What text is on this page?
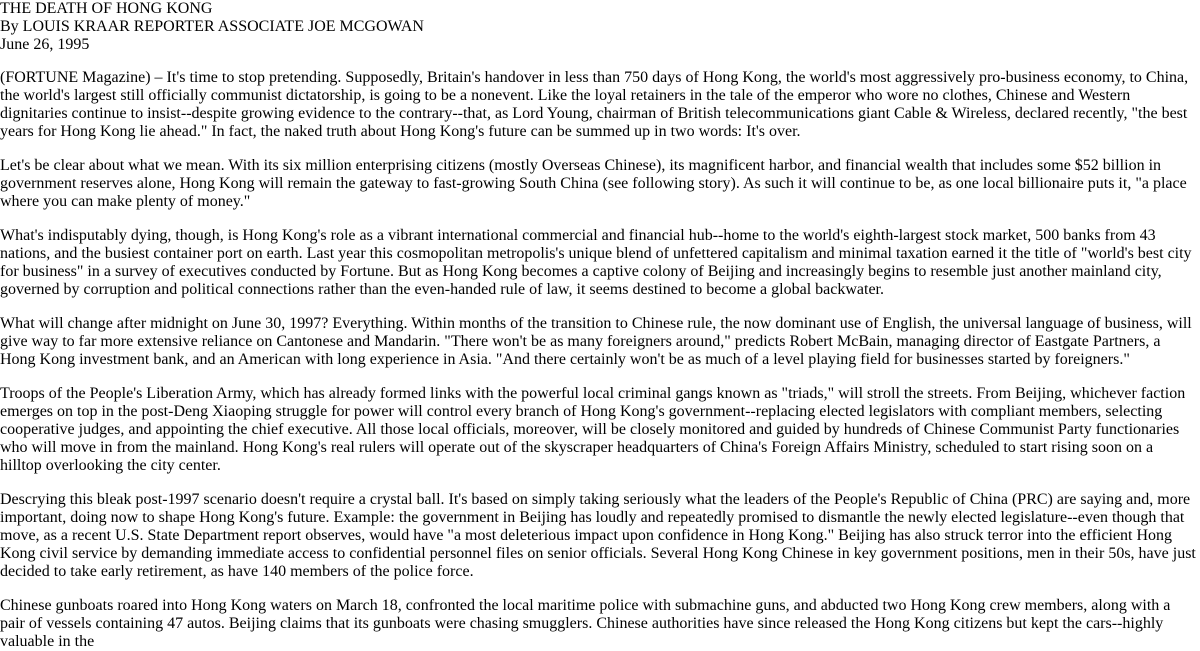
THE DEATH OF HONG KONG
By LOUIS KRAAR REPORTER ASSOCIATE JOE MCGOWAN
June 26, 1995

(FORTUNE Magazine) – It's time to stop pretending. Supposedly, Britain's handover in less than 750 days of Hong Kong, the world's most aggressively pro-business economy, to China, the world's largest still officially communist dictatorship, is going to be a nonevent. Like the loyal retainers in the tale of the emperor who wore no clothes, Chinese and Western dignitaries continue to insist--despite growing evidence to the contrary--that, as Lord Young, chairman of British telecommunications giant Cable & Wireless, declared recently, "the best years for Hong Kong lie ahead." In fact, the naked truth about Hong Kong's future can be summed up in two words: It's over.

Let's be clear about what we mean. With its six million enterprising citizens (mostly Overseas Chinese), its magnificent harbor, and financial wealth that includes some $52 billion in government reserves alone, Hong Kong will remain the gateway to fast-growing South China (see following story). As such it will continue to be, as one local billionaire puts it, "a place where you can make plenty of money."

What's indisputably dying, though, is Hong Kong's role as a vibrant international commercial and financial hub--home to the world's eighth-largest stock market, 500 banks from 43 nations, and the busiest container port on earth. Last year this cosmopolitan metropolis's unique blend of unfettered capitalism and minimal taxation earned it the title of "world's best city for business" in a survey of executives conducted by Fortune. But as Hong Kong becomes a captive colony of Beijing and increasingly begins to resemble just another mainland city, governed by corruption and political connections rather than the even-handed rule of law, it seems destined to become a global backwater.

What will change after midnight on June 30, 1997? Everything. Within months of the transition to Chinese rule, the now dominant use of English, the universal language of business, will give way to far more extensive reliance on Cantonese and Mandarin. "There won't be as many foreigners around," predicts Robert McBain, managing director of Eastgate Partners, a Hong Kong investment bank, and an American with long experience in Asia. "And there certainly won't be as much of a level playing field for businesses started by foreigners."

Troops of the People's Liberation Army, which has already formed links with the powerful local criminal gangs known as "triads," will stroll the streets. From Beijing, whichever faction emerges on top in the post-Deng Xiaoping struggle for power will control every branch of Hong Kong's government--replacing elected legislators with compliant members, selecting cooperative judges, and appointing the chief executive. All those local officials, moreover, will be closely monitored and guided by hundreds of Chinese Communist Party functionaries who will move in from the mainland. Hong Kong's real rulers will operate out of the skyscraper headquarters of China's Foreign Affairs Ministry, scheduled to start rising soon on a hilltop overlooking the city center.

Descrying this bleak post-1997 scenario doesn't require a crystal ball. It's based on simply taking seriously what the leaders of the People's Republic of China (PRC) are saying and, more important, doing now to shape Hong Kong's future. Example: the government in Beijing has loudly and repeatedly promised to dismantle the newly elected legislature--even though that move, as a recent U.S. State Department report observes, would have "a most deleterious impact upon confidence in Hong Kong." Beijing has also struck terror into the efficient Hong Kong civil service by demanding immediate access to confidential personnel files on senior officials. Several Hong Kong Chinese in key government positions, men in their 50s, have just decided to take early retirement, as have 140 members of the police force.

Chinese gunboats roared into Hong Kong waters on March 18, confronted the local maritime police with submachine guns, and abducted two Hong Kong crew members, along with a pair of vessels containing 47 autos. Beijing claims that its gunboats were chasing smugglers. Chinese authorities have since released the Hong Kong citizens but kept the cars--highly valuable in the
